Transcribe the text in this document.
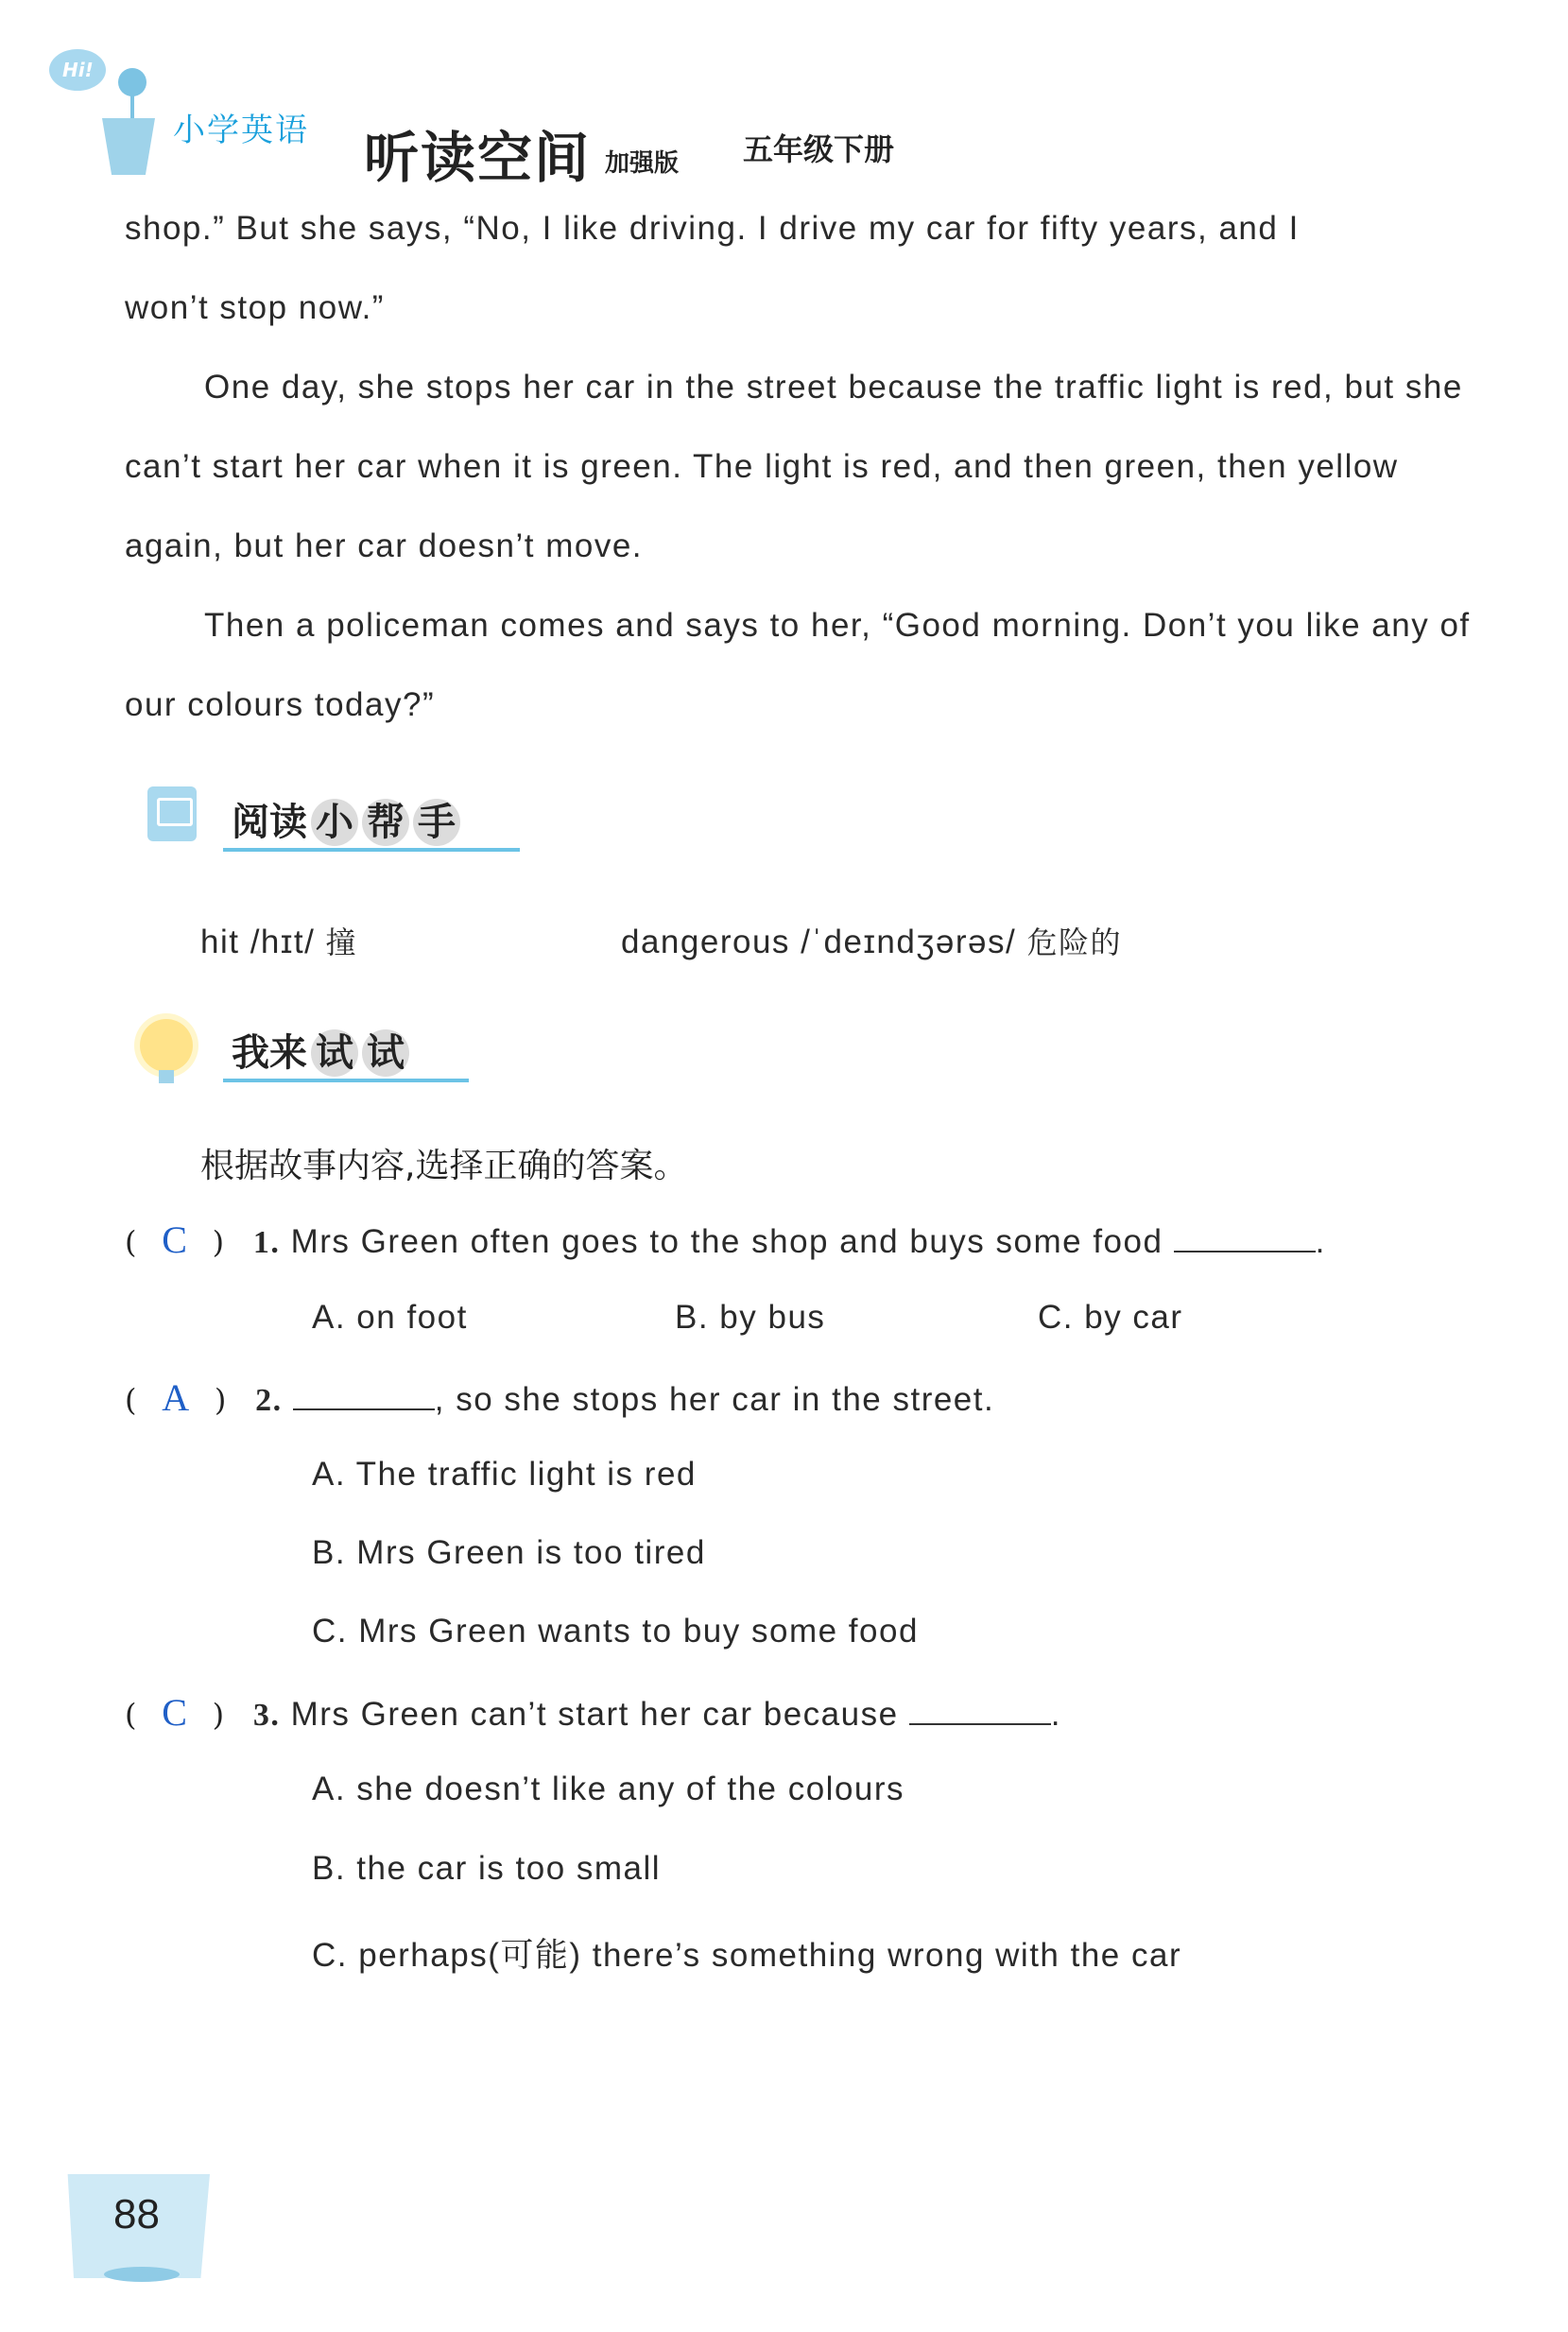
Hi!
小学英语 听读空间 加强版 五年级下册
shop.” But she says, “No, I like driving. I drive my car for fifty years, and I
won’t stop now.”
One day, she stops her car in the street because the traffic light is red, but she can’t start her car when it is green. The light is red, and then green, then yellow again, but her car doesn’t move.
Then a policeman comes and says to her, “Good morning. Don’t you like any of our colours today?”
阅读 小 帮 手
hit /hɪt/ 撞	dangerous /ˈdeɪndʒərəs/ 危险的
我来 试 试
根据故事内容,选择正确的答案。
( C ) 1. Mrs Green often goes to the shop and buys some food	.
A. on foot	B. by bus	C. by car
( A ) 2.	, so she stops her car in the street.
A. The traffic light is red
B. Mrs Green is too tired
C. Mrs Green wants to buy some food
( C ) 3. Mrs Green can’t start her car because	.
A. she doesn’t like any of the colours
B. the car is too small
C. perhaps(可能) there’s something wrong with the car
88
